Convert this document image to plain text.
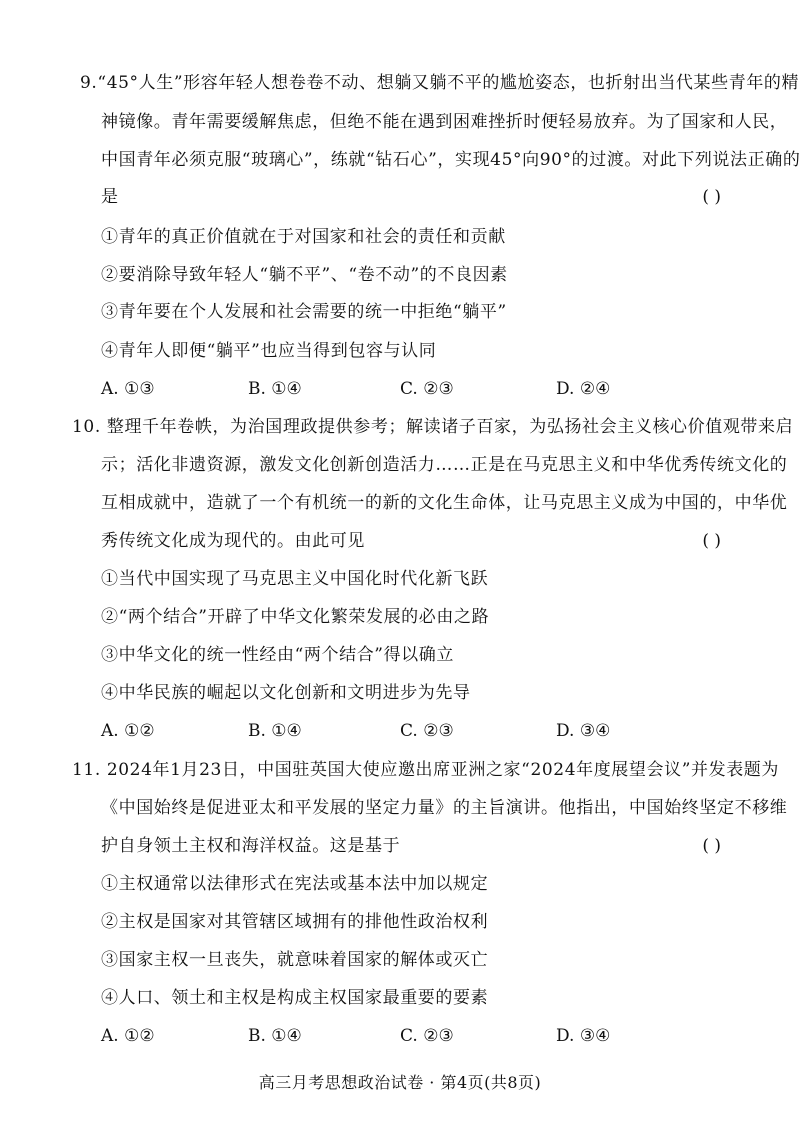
9.“45°人生”形容年轻人想卷卷不动、想躺又躺不平的尴尬姿态，也折射出当代某些青年的精
神镜像。青年需要缓解焦虑，但绝不能在遇到困难挫折时便轻易放弃。为了国家和人民，
中国青年必须克服“玻璃心”，练就“钻石心”，实现45°向90°的过渡。对此下列说法正确的
是	( )
①青年的真正价值就在于对国家和社会的责任和贡献
②要消除导致年轻人“躺不平”、“卷不动”的不良因素
③青年要在个人发展和社会需要的统一中拒绝“躺平”
④青年人即便“躺平”也应当得到包容与认同
A. ①③	B. ①④	C. ②③	D. ②④
10. 整理千年卷帙，为治国理政提供参考；解读诸子百家，为弘扬社会主义核心价值观带来启
示；活化非遗资源，激发文化创新创造活力……正是在马克思主义和中华优秀传统文化的
互相成就中，造就了一个有机统一的新的文化生命体，让马克思主义成为中国的，中华优
秀传统文化成为现代的。由此可见	( )
①当代中国实现了马克思主义中国化时代化新飞跃
②“两个结合”开辟了中华文化繁荣发展的必由之路
③中华文化的统一性经由“两个结合”得以确立
④中华民族的崛起以文化创新和文明进步为先导
A. ①②	B. ①④	C. ②③	D. ③④
11. 2024年1月23日，中国驻英国大使应邀出席亚洲之家“2024年度展望会议”并发表题为
《中国始终是促进亚太和平发展的坚定力量》的主旨演讲。他指出，中国始终坚定不移维
护自身领土主权和海洋权益。这是基于	( )
①主权通常以法律形式在宪法或基本法中加以规定
②主权是国家对其管辖区域拥有的排他性政治权利
③国家主权一旦丧失，就意味着国家的解体或灭亡
④人口、领土和主权是构成主权国家最重要的要素
A. ①②	B. ①④	C. ②③	D. ③④
高三月考思想政治试卷 · 第4页(共8页)
